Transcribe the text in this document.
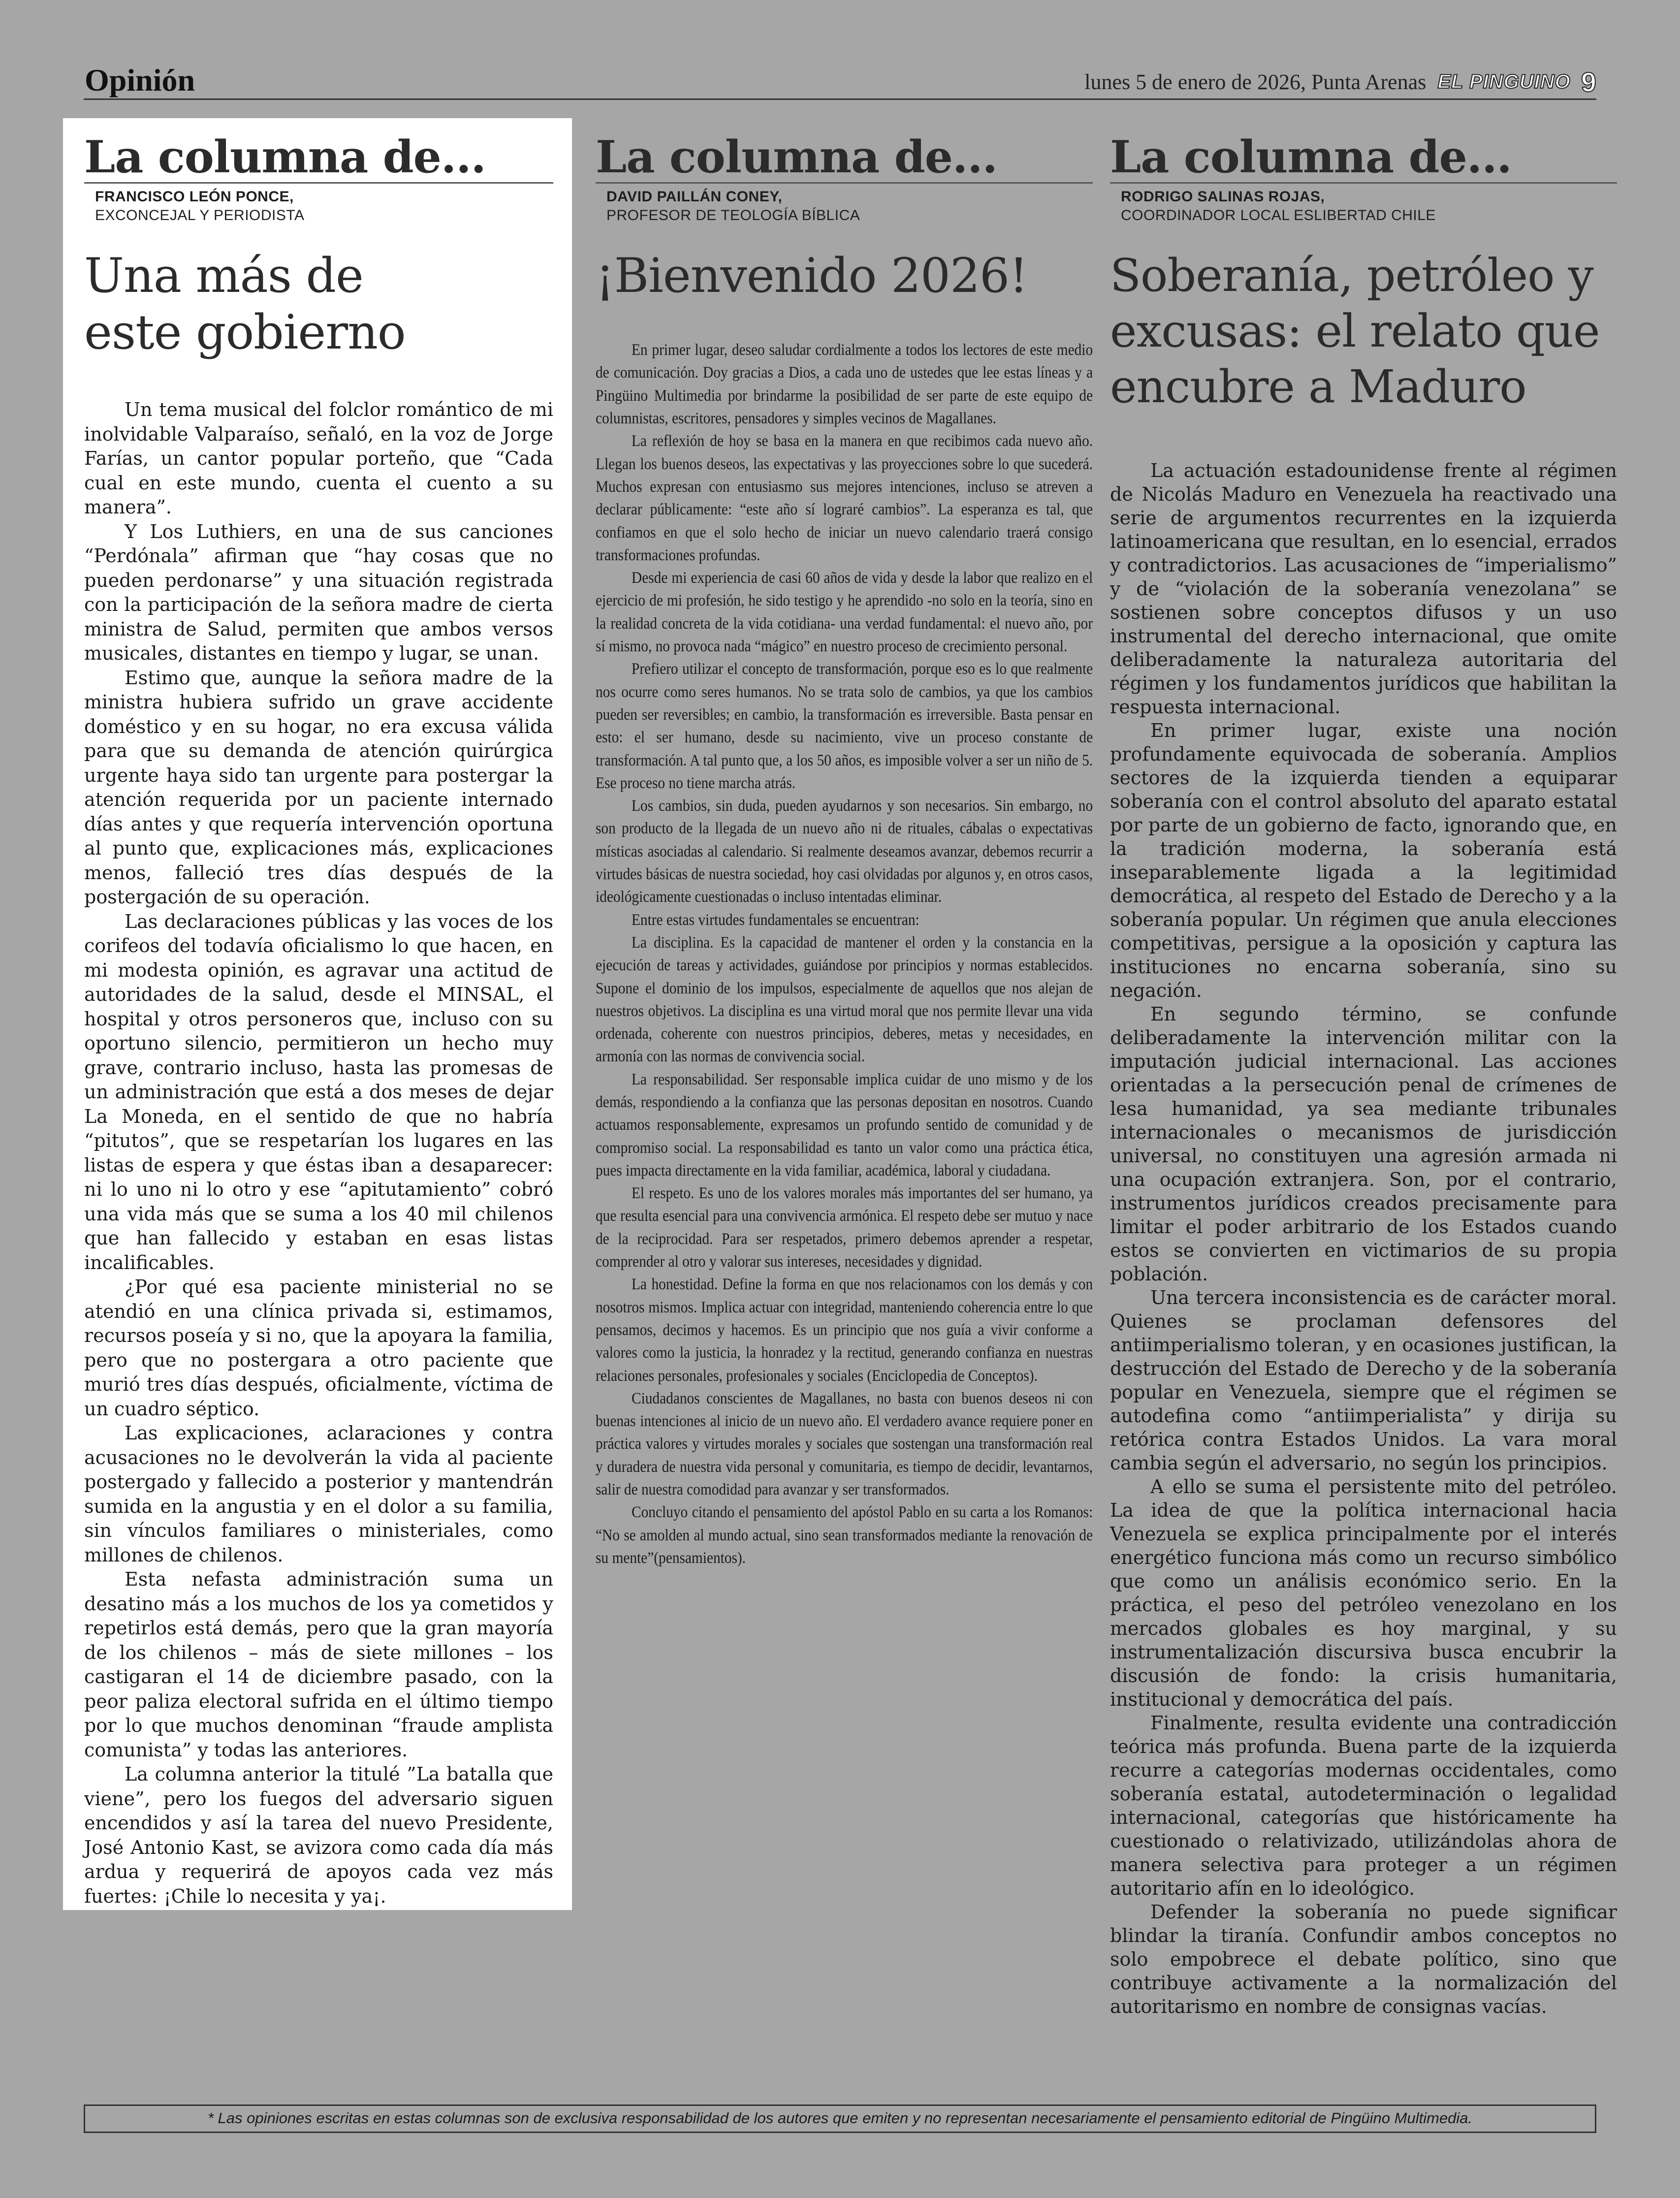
Opinión	lunes 5 de enero de 2026, Punta Arenas EL PINGUINO 9
La columna de...
FRANCISCO LEÓN PONCE,
EXCONCEJAL Y PERIODISTA
Una más de este gobierno

Un tema musical del folclor romántico de mi inolvidable Valparaíso, señaló, en la voz de Jorge Farías, un cantor popular porteño, que “Cada cual en este mundo, cuenta el cuento a su manera”.

Y Los Luthiers, en una de sus canciones “Perdónala” afirman que “hay cosas que no pueden perdonarse” y una situación registrada con la participación de la señora madre de cierta ministra de Salud, permiten que ambos versos musicales, distantes en tiempo y lugar, se unan.

Estimo que, aunque la señora madre de la ministra hubiera sufrido un grave accidente doméstico y en su hogar, no era excusa válida para que su demanda de atención quirúrgica urgente haya sido tan urgente para postergar la atención requerida por un paciente internado días antes y que requería intervención oportuna al punto que, explicaciones más, explicaciones menos, falleció tres días después de la postergación de su operación.

Las declaraciones públicas y las voces de los corifeos del todavía oficialismo lo que hacen, en mi modesta opinión, es agravar una actitud de autoridades de la salud, desde el MINSAL, el hospital y otros personeros que, incluso con su oportuno silencio, permitieron un hecho muy grave, contrario incluso, hasta las promesas de un administración que está a dos meses de dejar La Moneda, en el sentido de que no habría “pitutos”, que se respetarían los lugares en las listas de espera y que éstas iban a desaparecer: ni lo uno ni lo otro y ese “apitutamiento” cobró una vida más que se suma a los 40 mil chilenos que han fallecido y estaban en esas listas incalificables.

¿Por qué esa paciente ministerial no se atendió en una clínica privada si, estimamos, recursos poseía y si no, que la apoyara la familia, pero que no postergara a otro paciente que murió tres días después, oficialmente, víctima de un cuadro séptico.

Las explicaciones, aclaraciones y contra acusaciones no le devolverán la vida al paciente postergado y fallecido a posterior y mantendrán sumida en la angustia y en el dolor a su familia, sin vínculos familiares o ministeriales, como millones de chilenos.

Esta nefasta administración suma un desatino más a los muchos de los ya cometidos y repetirlos está demás, pero que la gran mayoría de los chilenos – más de siete millones – los castigaran el 14 de diciembre pasado, con la peor paliza electoral sufrida en el último tiempo por lo que muchos denominan “fraude amplista comunista” y todas las anteriores.

La columna anterior la titulé ”La batalla que viene”, pero los fuegos del adversario siguen encendidos y así la tarea del nuevo Presidente, José Antonio Kast, se avizora como cada día más ardua y requerirá de apoyos cada vez más fuertes: ¡Chile lo necesita y ya¡.

La columna de...
DAVID PAILLÁN CONEY,
PROFESOR DE TEOLOGÍA BÍBLICA
¡Bienvenido 2026!

En primer lugar, deseo saludar cordialmente a todos los lectores de este medio de comunicación. Doy gracias a Dios, a cada uno de ustedes que lee estas líneas y a Pingüino Multimedia por brindarme la posibilidad de ser parte de este equipo de columnistas, escritores, pensadores y simples vecinos de Magallanes.

La reflexión de hoy se basa en la manera en que recibimos cada nuevo año. Llegan los buenos deseos, las expectativas y las proyecciones sobre lo que sucederá. Muchos expresan con entusiasmo sus mejores intenciones, incluso se atreven a declarar públicamente: “este año sí lograré cambios”. La esperanza es tal, que confiamos en que el solo hecho de iniciar un nuevo calendario traerá consigo transformaciones profundas.

Desde mi experiencia de casi 60 años de vida y desde la labor que realizo en el ejercicio de mi profesión, he sido testigo y he aprendido -no solo en la teoría, sino en la realidad concreta de la vida cotidiana- una verdad fundamental: el nuevo año, por sí mismo, no provoca nada “mágico” en nuestro proceso de crecimiento personal.

Prefiero utilizar el concepto de transformación, porque eso es lo que realmente nos ocurre como seres humanos. No se trata solo de cambios, ya que los cambios pueden ser reversibles; en cambio, la transformación es irreversible. Basta pensar en esto: el ser humano, desde su nacimiento, vive un proceso constante de transformación. A tal punto que, a los 50 años, es imposible volver a ser un niño de 5. Ese proceso no tiene marcha atrás.

Los cambios, sin duda, pueden ayudarnos y son necesarios. Sin embargo, no son producto de la llegada de un nuevo año ni de rituales, cábalas o expectativas místicas asociadas al calendario. Si realmente deseamos avanzar, debemos recurrir a virtudes básicas de nuestra sociedad, hoy casi olvidadas por algunos y, en otros casos, ideológicamente cuestionadas o incluso intentadas eliminar.

Entre estas virtudes fundamentales se encuentran:

La disciplina. Es la capacidad de mantener el orden y la constancia en la ejecución de tareas y actividades, guiándose por principios y normas establecidos. Supone el dominio de los impulsos, especialmente de aquellos que nos alejan de nuestros objetivos. La disciplina es una virtud moral que nos permite llevar una vida ordenada, coherente con nuestros principios, deberes, metas y necesidades, en armonía con las normas de convivencia social.

La responsabilidad. Ser responsable implica cuidar de uno mismo y de los demás, respondiendo a la confianza que las personas depositan en nosotros. Cuando actuamos responsablemente, expresamos un profundo sentido de comunidad y de compromiso social. La responsabilidad es tanto un valor como una práctica ética, pues impacta directamente en la vida familiar, académica, laboral y ciudadana.

El respeto. Es uno de los valores morales más importantes del ser humano, ya que resulta esencial para una convivencia armónica. El respeto debe ser mutuo y nace de la reciprocidad. Para ser respetados, primero debemos aprender a respetar, comprender al otro y valorar sus intereses, necesidades y dignidad.

La honestidad. Define la forma en que nos relacionamos con los demás y con nosotros mismos. Implica actuar con integridad, manteniendo coherencia entre lo que pensamos, decimos y hacemos. Es un principio que nos guía a vivir conforme a valores como la justicia, la honradez y la rectitud, generando confianza en nuestras relaciones personales, profesionales y sociales (Enciclopedia de Conceptos).

Ciudadanos conscientes de Magallanes, no basta con buenos deseos ni con buenas intenciones al inicio de un nuevo año. El verdadero avance requiere poner en práctica valores y virtudes morales y sociales que sostengan una transformación real y duradera de nuestra vida personal y comunitaria, es tiempo de decidir, levantarnos, salir de nuestra comodidad para avanzar y ser transformados.

Concluyo citando el pensamiento del apóstol Pablo en su carta a los Romanos: “No se amolden al mundo actual, sino sean transformados mediante la renovación de su mente”(pensamientos).

La columna de...
RODRIGO SALINAS ROJAS,
COORDINADOR LOCAL ESLIBERTAD CHILE
Soberanía, petróleo y excusas: el relato que encubre a Maduro

La actuación estadounidense frente al régimen de Nicolás Maduro en Venezuela ha reactivado una serie de argumentos recurrentes en la izquierda latinoamericana que resultan, en lo esencial, errados y contradictorios. Las acusaciones de “imperialismo” y de “violación de la soberanía venezolana” se sostienen sobre conceptos difusos y un uso instrumental del derecho internacional, que omite deliberadamente la naturaleza autoritaria del régimen y los fundamentos jurídicos que habilitan la respuesta internacional.

En primer lugar, existe una noción profundamente equivocada de soberanía. Amplios sectores de la izquierda tienden a equiparar soberanía con el control absoluto del aparato estatal por parte de un gobierno de facto, ignorando que, en la tradición moderna, la soberanía está inseparablemente ligada a la legitimidad democrática, al respeto del Estado de Derecho y a la soberanía popular. Un régimen que anula elecciones competitivas, persigue a la oposición y captura las instituciones no encarna soberanía, sino su negación.

En segundo término, se confunde deliberadamente la intervención militar con la imputación judicial internacional. Las acciones orientadas a la persecución penal de crímenes de lesa humanidad, ya sea mediante tribunales internacionales o mecanismos de jurisdicción universal, no constituyen una agresión armada ni una ocupación extranjera. Son, por el contrario, instrumentos jurídicos creados precisamente para limitar el poder arbitrario de los Estados cuando estos se convierten en victimarios de su propia población.

Una tercera inconsistencia es de carácter moral. Quienes se proclaman defensores del antiimperialismo toleran, y en ocasiones justifican, la destrucción del Estado de Derecho y de la soberanía popular en Venezuela, siempre que el régimen se autodefina como “antiimperialista” y dirija su retórica contra Estados Unidos. La vara moral cambia según el adversario, no según los principios.

A ello se suma el persistente mito del petróleo. La idea de que la política internacional hacia Venezuela se explica principalmente por el interés energético funciona más como un recurso simbólico que como un análisis económico serio. En la práctica, el peso del petróleo venezolano en los mercados globales es hoy marginal, y su instrumentalización discursiva busca encubrir la discusión de fondo: la crisis humanitaria, institucional y democrática del país.

Finalmente, resulta evidente una contradicción teórica más profunda. Buena parte de la izquierda recurre a categorías modernas occidentales, como soberanía estatal, autodeterminación o legalidad internacional, categorías que históricamente ha cuestionado o relativizado, utilizándolas ahora de manera selectiva para proteger a un régimen autoritario afín en lo ideológico.

Defender la soberanía no puede significar blindar la tiranía. Confundir ambos conceptos no solo empobrece el debate político, sino que contribuye activamente a la normalización del autoritarismo en nombre de consignas vacías.

* Las opiniones escritas en estas columnas son de exclusiva responsabilidad de los autores que emiten y no representan necesariamente el pensamiento editorial de Pingüino Multimedia.
